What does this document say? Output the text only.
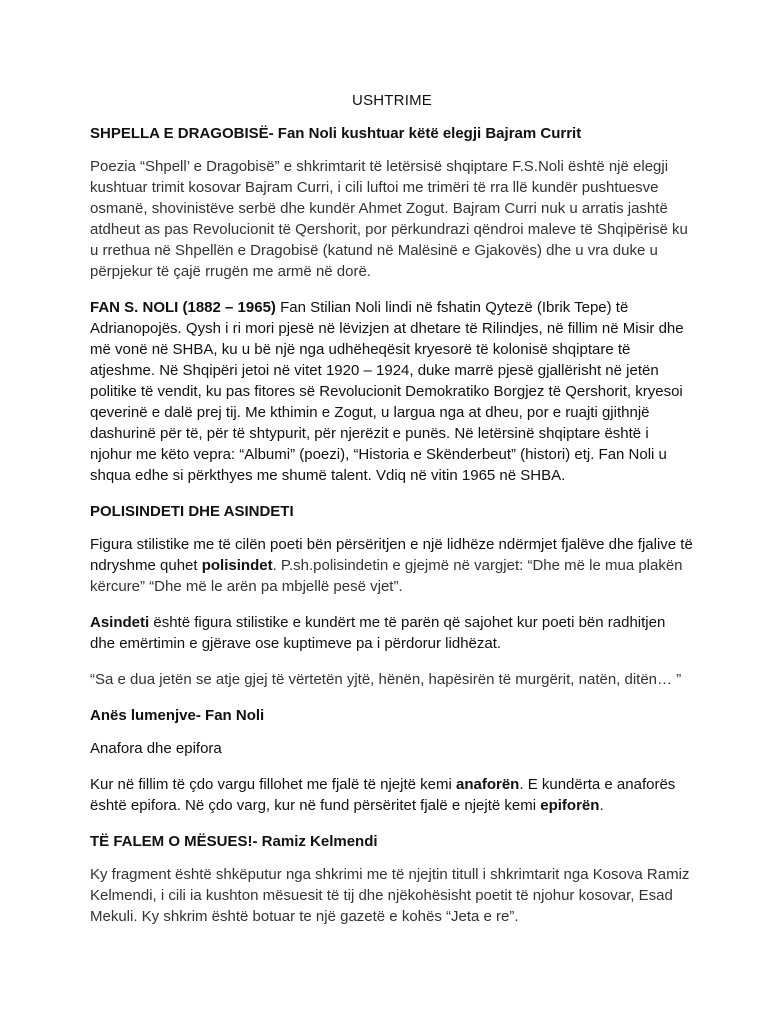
USHTRIME
SHPELLA E DRAGOBISË- Fan Noli kushtuar këtë elegji Bajram Currit

Poezia “Shpell’ e Dragobisë” e shkrimtarit të letërsisë shqiptare F.S.Noli është një elegji kushtuar trimit kosovar Bajram Curri, i cili luftoi me trimëri të rra llë kundër pushtuesve osmanë, shovinistëve serbë dhe kundër Ahmet Zogut. Bajram Curri nuk u arratis jashtë atdheut as pas Revolucionit të Qershorit, por përkundrazi qëndroi maleve të Shqipërisë ku u rrethua në Shpellën e Dragobisë (katund në Malësinë e Gjakovës) dhe u vra duke u përpjekur të çajë rrugën me armë në dorë.

FAN S. NOLI (1882 – 1965) Fan Stilian Noli lindi në fshatin Qytezë (Ibrik Tepe) të Adrianopojës. Qysh i ri mori pjesë në lëvizjen at dhetare të Rilindjes, në fillim në Misir dhe më vonë në SHBA, ku u bë një nga udhëheqësit kryesorë të kolonisë shqiptare të atjeshme. Në Shqipëri jetoi në vitet 1920 – 1924, duke marrë pjesë gjallërisht në jetën politike të vendit, ku pas fitores së Revolucionit Demokratiko Borgjez të Qershorit, kryesoi qeverinë e dalë prej tij. Me kthimin e Zogut, u largua nga at dheu, por e ruajti gjithnjë dashurinë për të, për të shtypurit, për njerëzit e punës. Në letërsinë shqiptare është i njohur me këto vepra: “Albumi” (poezi), “Historia e Skënderbeut” (histori) etj. Fan Noli u shqua edhe si përkthyes me shumë talent. Vdiq në vitin 1965 në SHBA.

POLISINDETI DHE ASINDETI

Figura stilistike me të cilën poeti bën përsëritjen e një lidhëze ndërmjet fjalëve dhe fjalive të ndryshme quhet polisindet. P.sh.polisindetin e gjejmë në vargjet: “Dhe më le mua plakën kërcure” “Dhe më le arën pa mbjellë pesë vjet”.

Asindeti është figura stilistike e kundërt me të parën që sajohet kur poeti bën radhitjen dhe emërtimin e gjërave ose kuptimeve pa i përdorur lidhëzat.

“Sa e dua jetën se atje gjej të vërtetën yjtë, hënën, hapësirën të murgërit, natën, ditën… ”

Anës lumenjve- Fan Noli

Anafora dhe epifora

Kur në fillim të çdo vargu fillohet me fjalë të njejtë kemi anaforën. E kundërta e anaforës është epifora. Në çdo varg, kur në fund përsëritet fjalë e njejtë kemi epiforën.

TË FALEM O MËSUES!- Ramiz Kelmendi

Ky fragment është shkëputur nga shkrimi me të njejtin titull i shkrimtarit nga Kosova Ramiz Kelmendi, i cili ia kushton mësuesit të tij dhe njëkohësisht poetit të njohur kosovar, Esad Mekuli. Ky shkrim është botuar te një gazetë e kohës “Jeta e re”.
